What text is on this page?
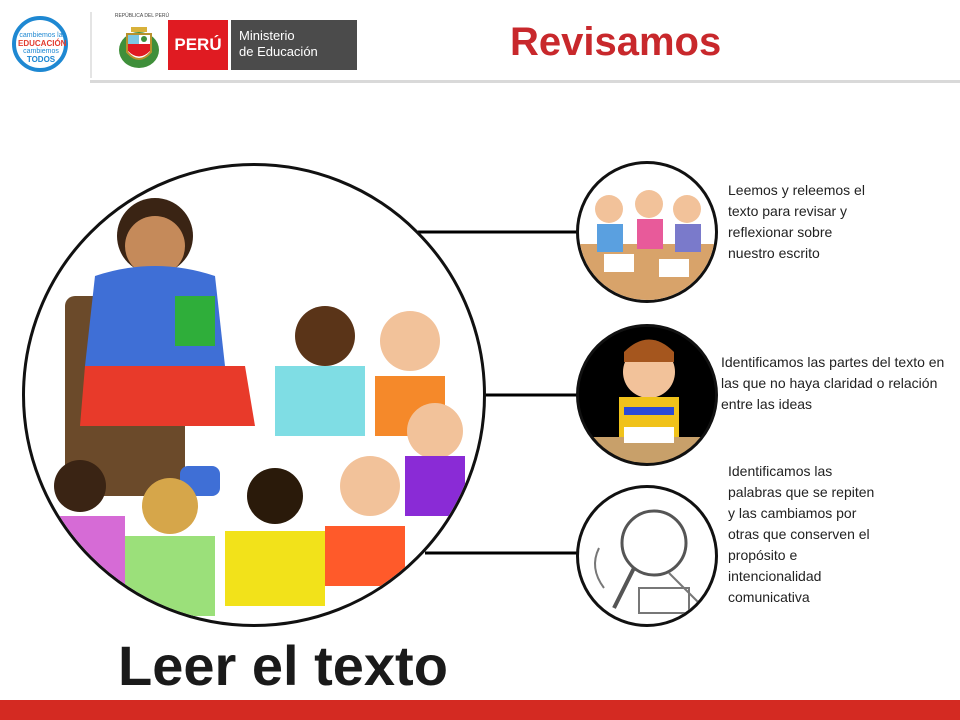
cambiemos la
EDUCACIÓN
cambiemos
TODOS
REPÚBLICA DEL PERÚ
PERÚ	Ministerio
de Educación	Revisamos
Leemos y releemos el texto para revisar y reflexionar sobre nuestro escrito
Identificamos las partes del texto en las que no haya claridad o relación entre las ideas
Identificamos las palabras que se repiten y las cambiamos por otras que conserven el propósito e intencionalidad comunicativa
Leer el texto
